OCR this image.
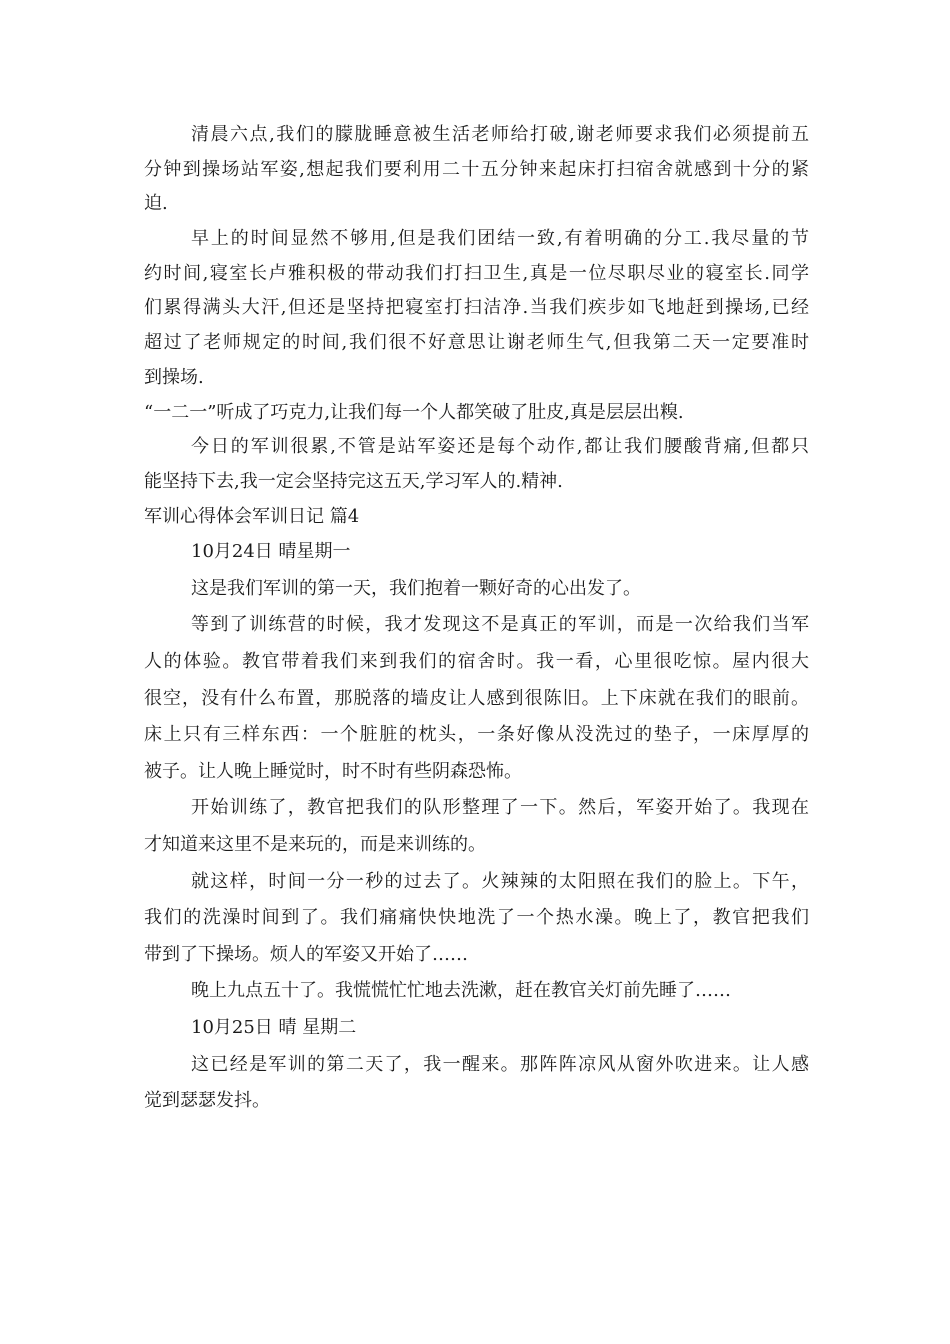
清晨六点,我们的朦胧睡意被生活老师给打破,谢老师要求我们必须提前五
分钟到操场站军姿,想起我们要利用二十五分钟来起床打扫宿舍就感到十分的紧
迫.
早上的时间显然不够用,但是我们团结一致,有着明确的分工.我尽量的节
约时间,寝室长卢雅积极的带动我们打扫卫生,真是一位尽职尽业的寝室长.同学
们累得满头大汗,但还是坚持把寝室打扫洁净.当我们疾步如飞地赶到操场,已经
超过了老师规定的时间,我们很不好意思让谢老师生气,但我第二天一定要准时
到操场.
“一二一”听成了巧克力,让我们每一个人都笑破了肚皮,真是层层出糗.
今日的军训很累,不管是站军姿还是每个动作,都让我们腰酸背痛,但都只
能坚持下去,我一定会坚持完这五天,学习军人的.精神.
军训心得体会军训日记 篇4
10月24日 晴星期一
这是我们军训的第一天，我们抱着一颗好奇的心出发了。
等到了训练营的时候，我才发现这不是真正的军训，而是一次给我们当军
人的体验。教官带着我们来到我们的宿舍时。我一看，心里很吃惊。屋内很大
很空，没有什么布置，那脱落的墙皮让人感到很陈旧。上下床就在我们的眼前。
床上只有三样东西：一个脏脏的枕头，一条好像从没洗过的垫子，一床厚厚的
被子。让人晚上睡觉时，时不时有些阴森恐怖。
开始训练了，教官把我们的队形整理了一下。然后，军姿开始了。我现在
才知道来这里不是来玩的，而是来训练的。
就这样，时间一分一秒的过去了。火辣辣的太阳照在我们的脸上。下午，
我们的洗澡时间到了。我们痛痛快快地洗了一个热水澡。晚上了，教官把我们
带到了下操场。烦人的军姿又开始了……
晚上九点五十了。我慌慌忙忙地去洗漱，赶在教官关灯前先睡了……
10月25日 晴 星期二
这已经是军训的第二天了，我一醒来。那阵阵凉风从窗外吹进来。让人感
觉到瑟瑟发抖。
